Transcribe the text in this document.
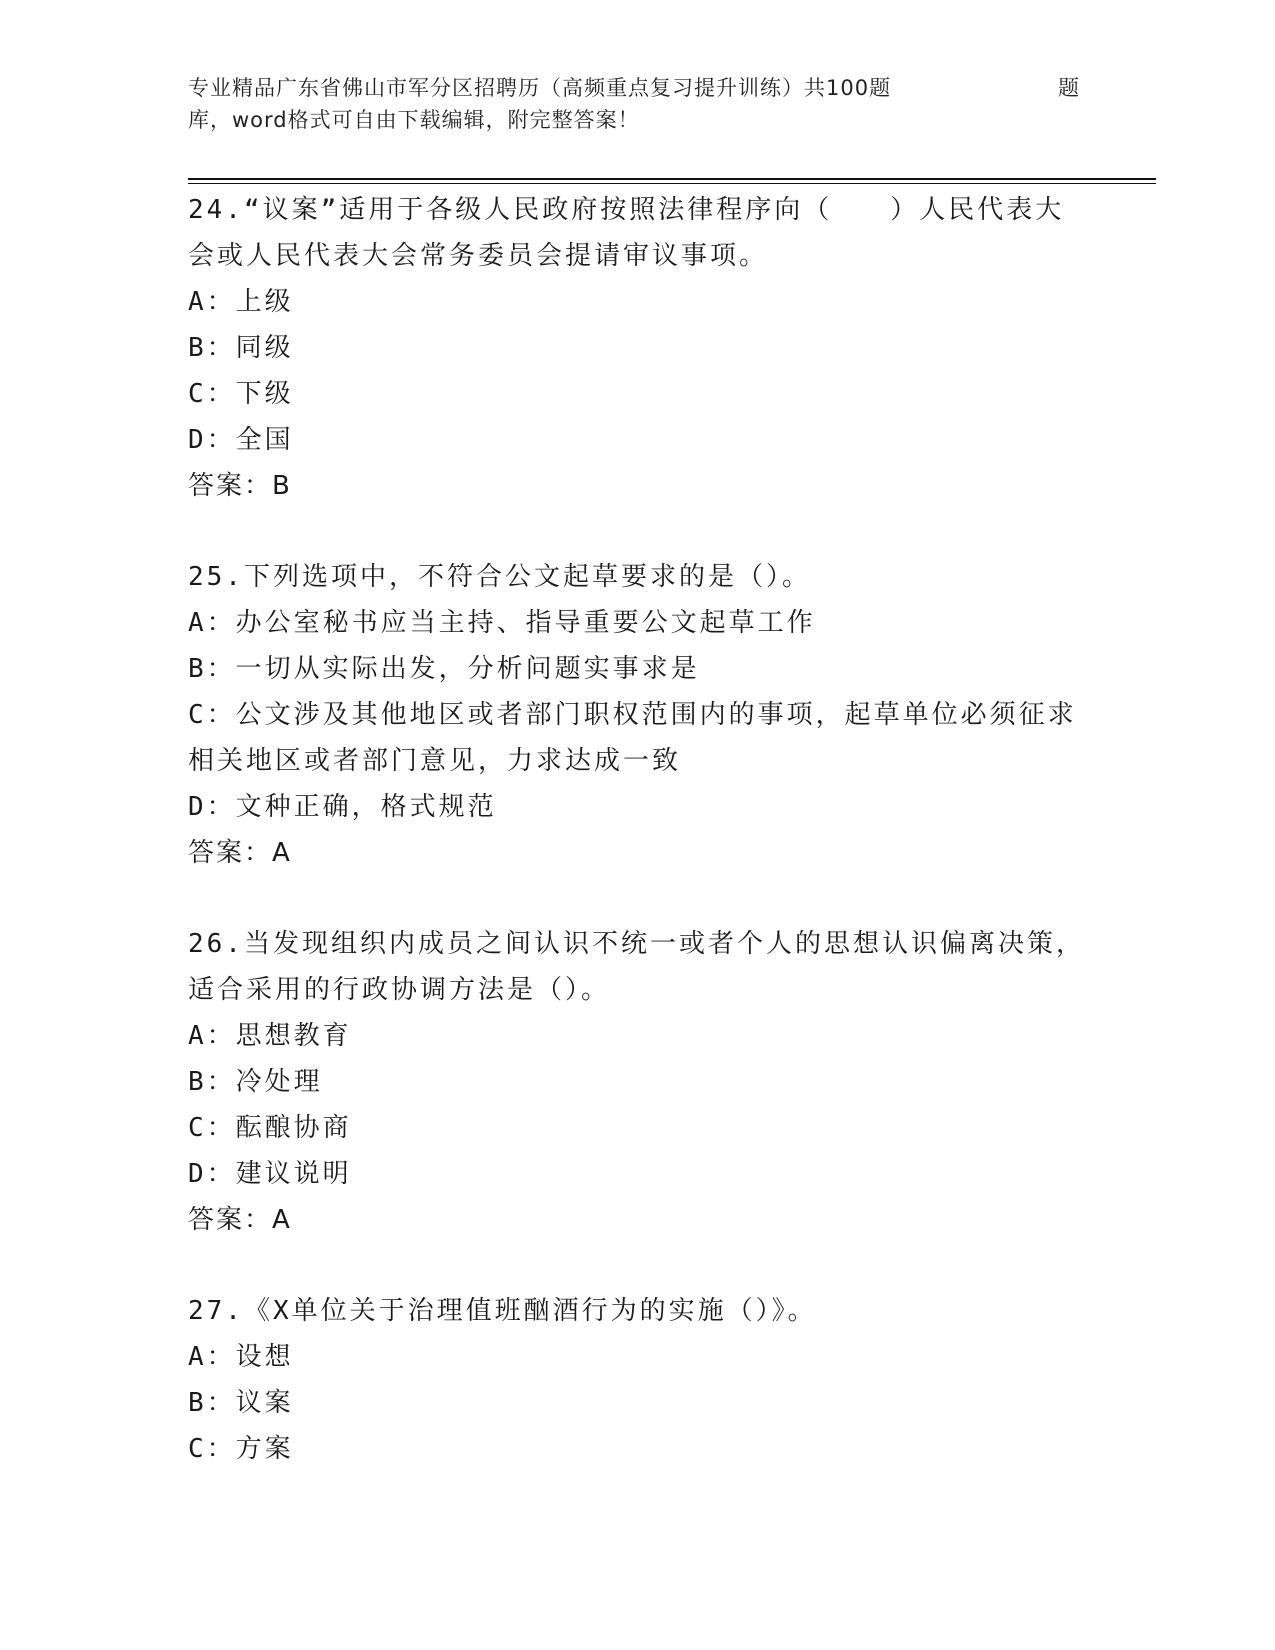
专业精品广东省佛山市军分区招聘历（高频重点复习提升训练）共100题	题
库，word格式可自由下载编辑，附完整答案！
24.“议案”适用于各级人民政府按照法律程序向（　　）人民代表大
会或人民代表大会常务委员会提请审议事项。
A：上级
B：同级
C：下级
D：全国
答案：B
25.下列选项中，不符合公文起草要求的是（）。
A：办公室秘书应当主持、指导重要公文起草工作
B：一切从实际出发，分析问题实事求是
C：公文涉及其他地区或者部门职权范围内的事项，起草单位必须征求
相关地区或者部门意见，力求达成一致
D：文种正确，格式规范
答案：A
26.当发现组织内成员之间认识不统一或者个人的思想认识偏离决策，
适合采用的行政协调方法是（）。
A：思想教育
B：冷处理
C：酝酿协商
D：建议说明
答案：A
27.《X单位关于治理值班酗酒行为的实施（）》。
A：设想
B：议案
C：方案
